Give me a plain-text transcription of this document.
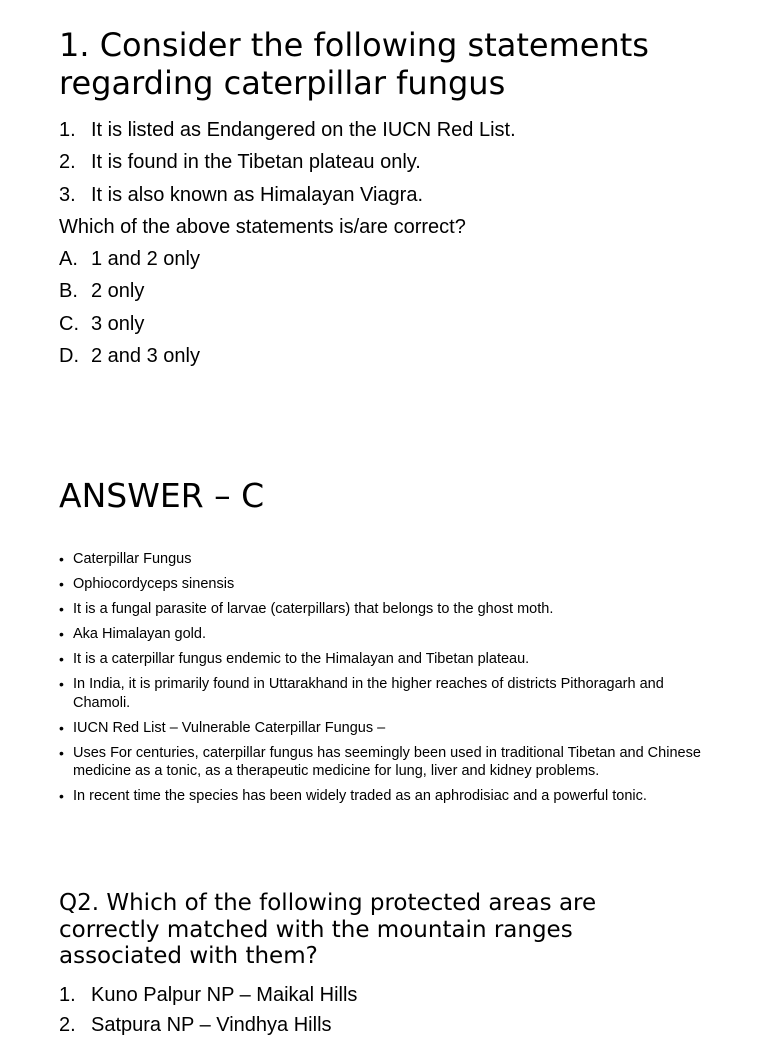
1. Consider the following statements regarding caterpillar fungus
1. It is listed as Endangered on the IUCN Red List.
2. It is found in the Tibetan plateau only.
3. It is also known as Himalayan Viagra.
Which of the above statements is/are correct?
A. 1 and 2 only
B. 2 only
C. 3 only
D. 2 and 3 only
ANSWER – C
• Caterpillar Fungus
• Ophiocordyceps sinensis
• It is a fungal parasite of larvae (caterpillars) that belongs to the ghost moth.
• Aka Himalayan gold.
• It is a caterpillar fungus endemic to the Himalayan and Tibetan plateau.
• In India, it is primarily found in Uttarakhand in the higher reaches of districts Pithoragarh and Chamoli.
• IUCN Red List – Vulnerable Caterpillar Fungus –
• Uses For centuries, caterpillar fungus has seemingly been used in traditional Tibetan and Chinese medicine as a tonic, as a therapeutic medicine for lung, liver and kidney problems.
• In recent time the species has been widely traded as an aphrodisiac and a powerful tonic.
Q2. Which of the following protected areas are correctly matched with the mountain ranges associated with them?
1. Kuno Palpur NP – Maikal Hills
2. Satpura NP – Vindhya Hills
